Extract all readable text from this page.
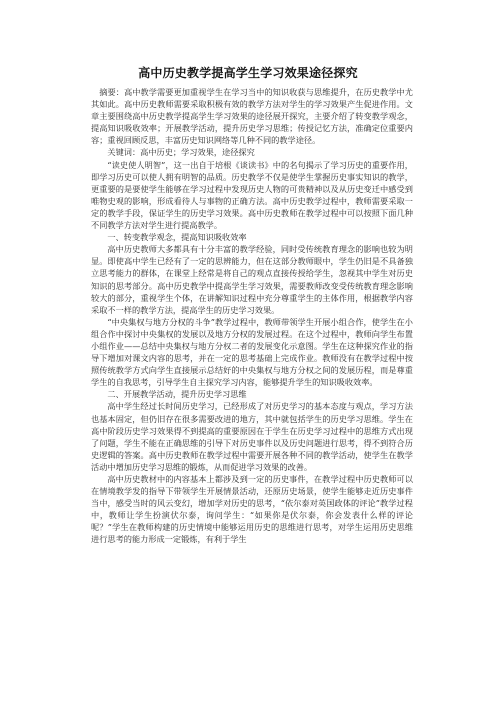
高中历史教学提高学生学习效果途径探究

摘要：高中教学需要更加重视学生在学习当中的知识收获与思维提升，在历史教学中尤其如此。高中历史教师需要采取积极有效的教学方法对学生的学习效果产生促进作用。文章主要围绕高中历史教学提高学生学习效果的途径展开探究，主要介绍了转变教学观念，提高知识吸收效率；开展教学活动，提升历史学习思维；传授记忆方法，准确定位重要内容；重视回顾反思，丰富历史知识网络等几种不同的教学途径。

关键词：高中历史；学习效果，途径探究

“读史使人明智”，这一出自于培根《谈读书》中的名句揭示了学习历史的重要作用，即学习历史可以使人拥有明智的品质。历史教学不仅是使学生掌握历史事实知识的教学，更重要的是要使学生能够在学习过程中发现历史人物的可贵精神以及从历史变迁中感受到唯物史观的影响，形成看待人与事物的正确方法。高中历史教学过程中，教师需要采取一定的教学手段，保证学生的历史学习效果。高中历史教师在教学过程中可以按照下面几种不同教学方法对学生进行提高教学。

一、转变教学观念，提高知识吸收效率

高中历史教师大多都具有十分丰富的教学经验，同时受传统教育理念的影响也较为明显。即使高中学生已经有了一定的思辨能力，但在这部分教师眼中，学生仍旧是不具备独立思考能力的群体，在课堂上经常是将自己的观点直接传授给学生，忽视其中学生对历史知识的思考部分。高中历史教学中提高学生学习效果，需要教师改变受传统教育理念影响较大的部分，重视学生个体，在讲解知识过程中充分尊重学生的主体作用，根据教学内容采取不一样的教学方法，提高学生的历史学习效果。

“中央集权与地方分权的斗争”教学过程中，教师带领学生开展小组合作，使学生在小组合作中探讨中央集权的发展以及地方分权的发展过程。在这个过程中，教师向学生布置小组作业——总结中央集权与地方分权二者的发展变化示意图。学生在这种探究作业的指导下增加对课文内容的思考，并在一定的思考基础上完成作业。教师没有在教学过程中按照传统教学方式向学生直接展示总结好的中央集权与地方分权之间的发展历程，而是尊重学生的自我思考，引导学生自主探究学习内容，能够提升学生的知识吸收效率。

二、开展教学活动，提升历史学习思维

高中学生经过长时间历史学习，已经形成了对历史学习的基本态度与观点，学习方法也基本固定，但仍旧存在很多需要改进的地方，其中就包括学生的历史学习思维。学生在高中阶段历史学习效果得不到提高的重要原因在于学生在历史学习过程中的思维方式出现了问题，学生不能在正确思维的引导下对历史事件以及历史问题进行思考，得不到符合历史逻辑的答案。高中历史教师在教学过程中需要开展各种不同的教学活动，使学生在教学活动中增加历史学习思维的锻炼，从而促进学习效果的改善。

高中历史教材中的内容基本上都涉及到一定的历史事件，在教学过程中历史教师可以在情境教学发的指导下带领学生开展情景活动，还原历史场景，使学生能够走近历史事件当中，感受当时的风云变幻，增加学对历史的思考，“依尔泰对英国政体的评论”教学过程中，教师让学生扮演伏尔泰，询问学生：“如果你是伏尔泰，你会发表什么样的评论呢？”学生在教师构建的历史情境中能够运用历史的思维进行思考，对学生运用历史思维进行思考的能力形成一定锻炼，有利于学生
